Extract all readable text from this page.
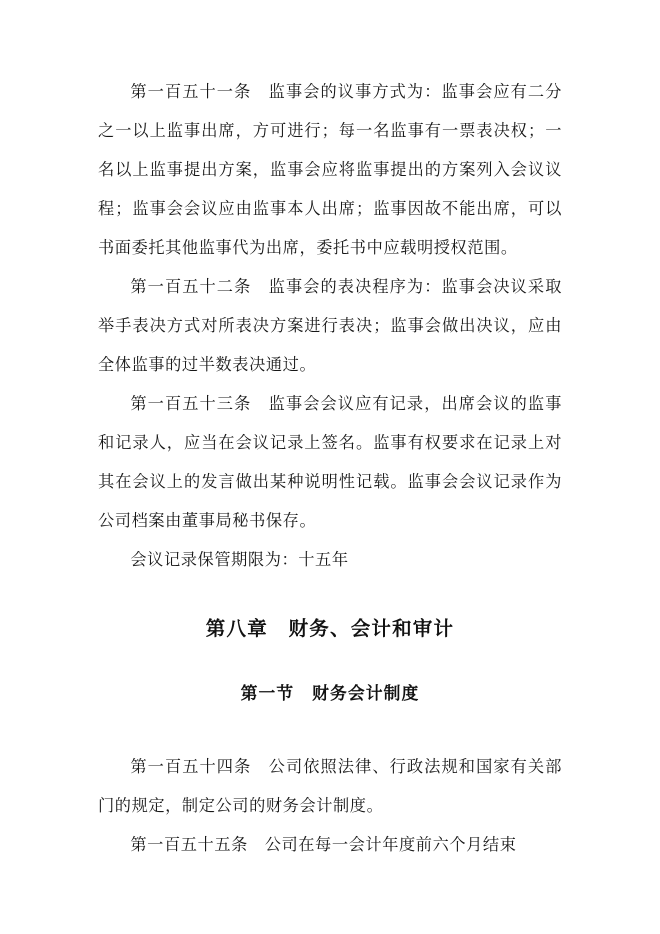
第一百五十一条　监事会的议事方式为：监事会应有二分之一以上监事出席，方可进行；每一名监事有一票表决权；一名以上监事提出方案，监事会应将监事提出的方案列入会议议程；监事会会议应由监事本人出席；监事因故不能出席，可以书面委托其他监事代为出席，委托书中应载明授权范围。

第一百五十二条　监事会的表决程序为：监事会决议采取举手表决方式对所表决方案进行表决；监事会做出决议，应由全体监事的过半数表决通过。

第一百五十三条　监事会会议应有记录，出席会议的监事和记录人，应当在会议记录上签名。监事有权要求在记录上对其在会议上的发言做出某种说明性记载。监事会会议记录作为公司档案由董事局秘书保存。

会议记录保管期限为：十五年

第八章　财务、会计和审计
第一节　财务会计制度

第一百五十四条　公司依照法律、行政法规和国家有关部门的规定，制定公司的财务会计制度。

第一百五十五条　公司在每一会计年度前六个月结束
